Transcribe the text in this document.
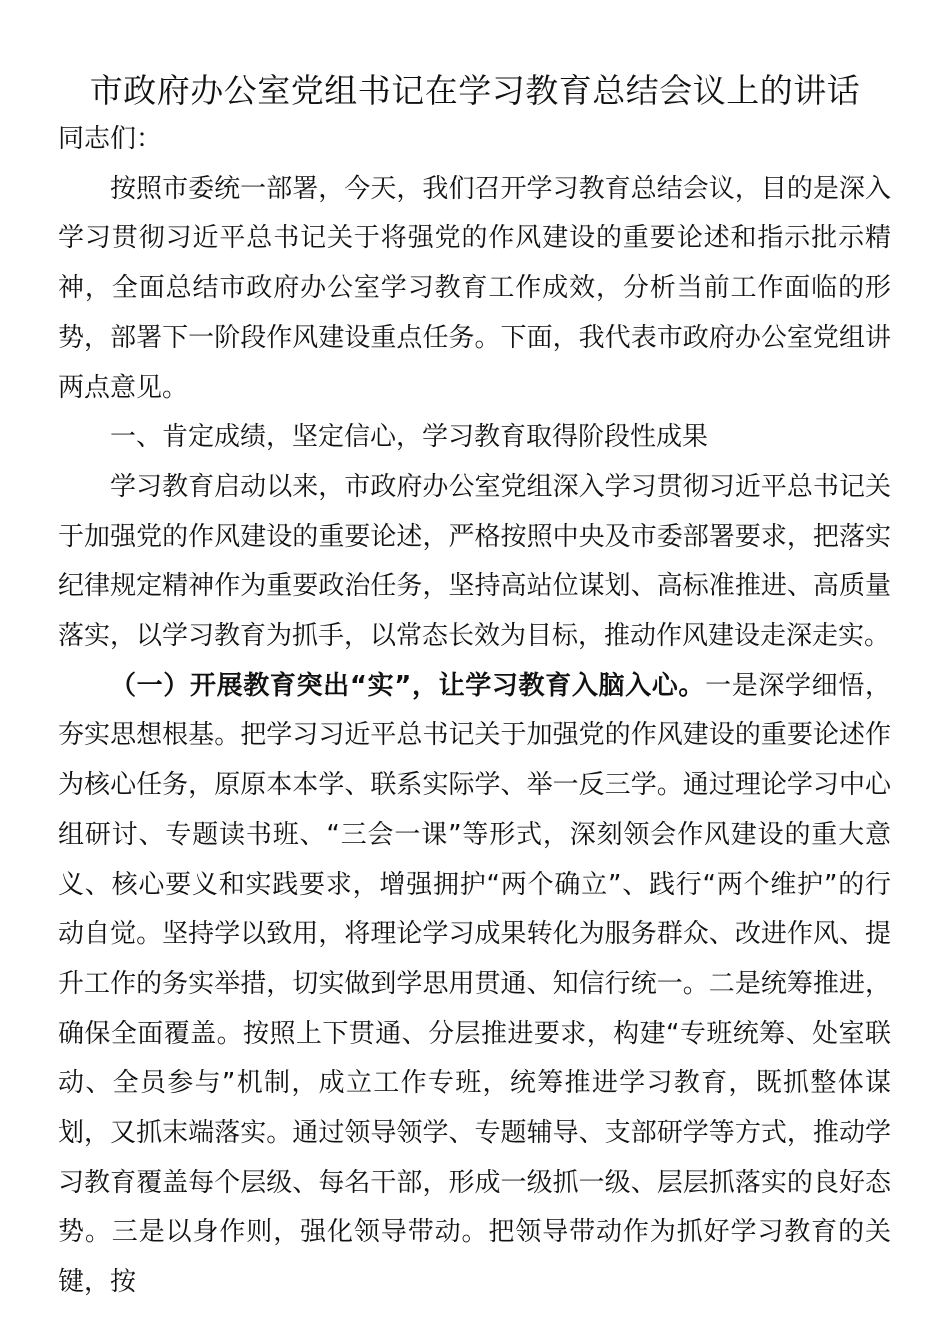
市政府办公室党组书记在学习教育总结会议上的讲话

同志们：

按照市委统一部署，今天，我们召开学习教育总结会议，目的是深入学习贯彻习近平总书记关于将强党的作风建设的重要论述和指示批示精神，全面总结市政府办公室学习教育工作成效，分析当前工作面临的形势，部署下一阶段作风建设重点任务。下面，我代表市政府办公室党组讲两点意见。

一、肯定成绩，坚定信心，学习教育取得阶段性成果

学习教育启动以来，市政府办公室党组深入学习贯彻习近平总书记关于加强党的作风建设的重要论述，严格按照中央及市委部署要求，把落实纪律规定精神作为重要政治任务，坚持高站位谋划、高标准推进、高质量落实，以学习教育为抓手，以常态长效为目标，推动作风建设走深走实。

（一）开展教育突出“实”，让学习教育入脑入心。一是深学细悟，夯实思想根基。把学习习近平总书记关于加强党的作风建设的重要论述作为核心任务，原原本本学、联系实际学、举一反三学。通过理论学习中心组研讨、专题读书班、“三会一课”等形式，深刻领会作风建设的重大意义、核心要义和实践要求，增强拥护“两个确立”、践行“两个维护”的行动自觉。坚持学以致用，将理论学习成果转化为服务群众、改进作风、提升工作的务实举措，切实做到学思用贯通、知信行统一。二是统筹推进，确保全面覆盖。按照上下贯通、分层推进要求，构建“专班统筹、处室联动、全员参与”机制，成立工作专班，统筹推进学习教育，既抓整体谋划，又抓末端落实。通过领导领学、专题辅导、支部研学等方式，推动学习教育覆盖每个层级、每名干部，形成一级抓一级、层层抓落实的良好态势。三是以身作则，强化领导带动。把领导带动作为抓好学习教育的关键，按
